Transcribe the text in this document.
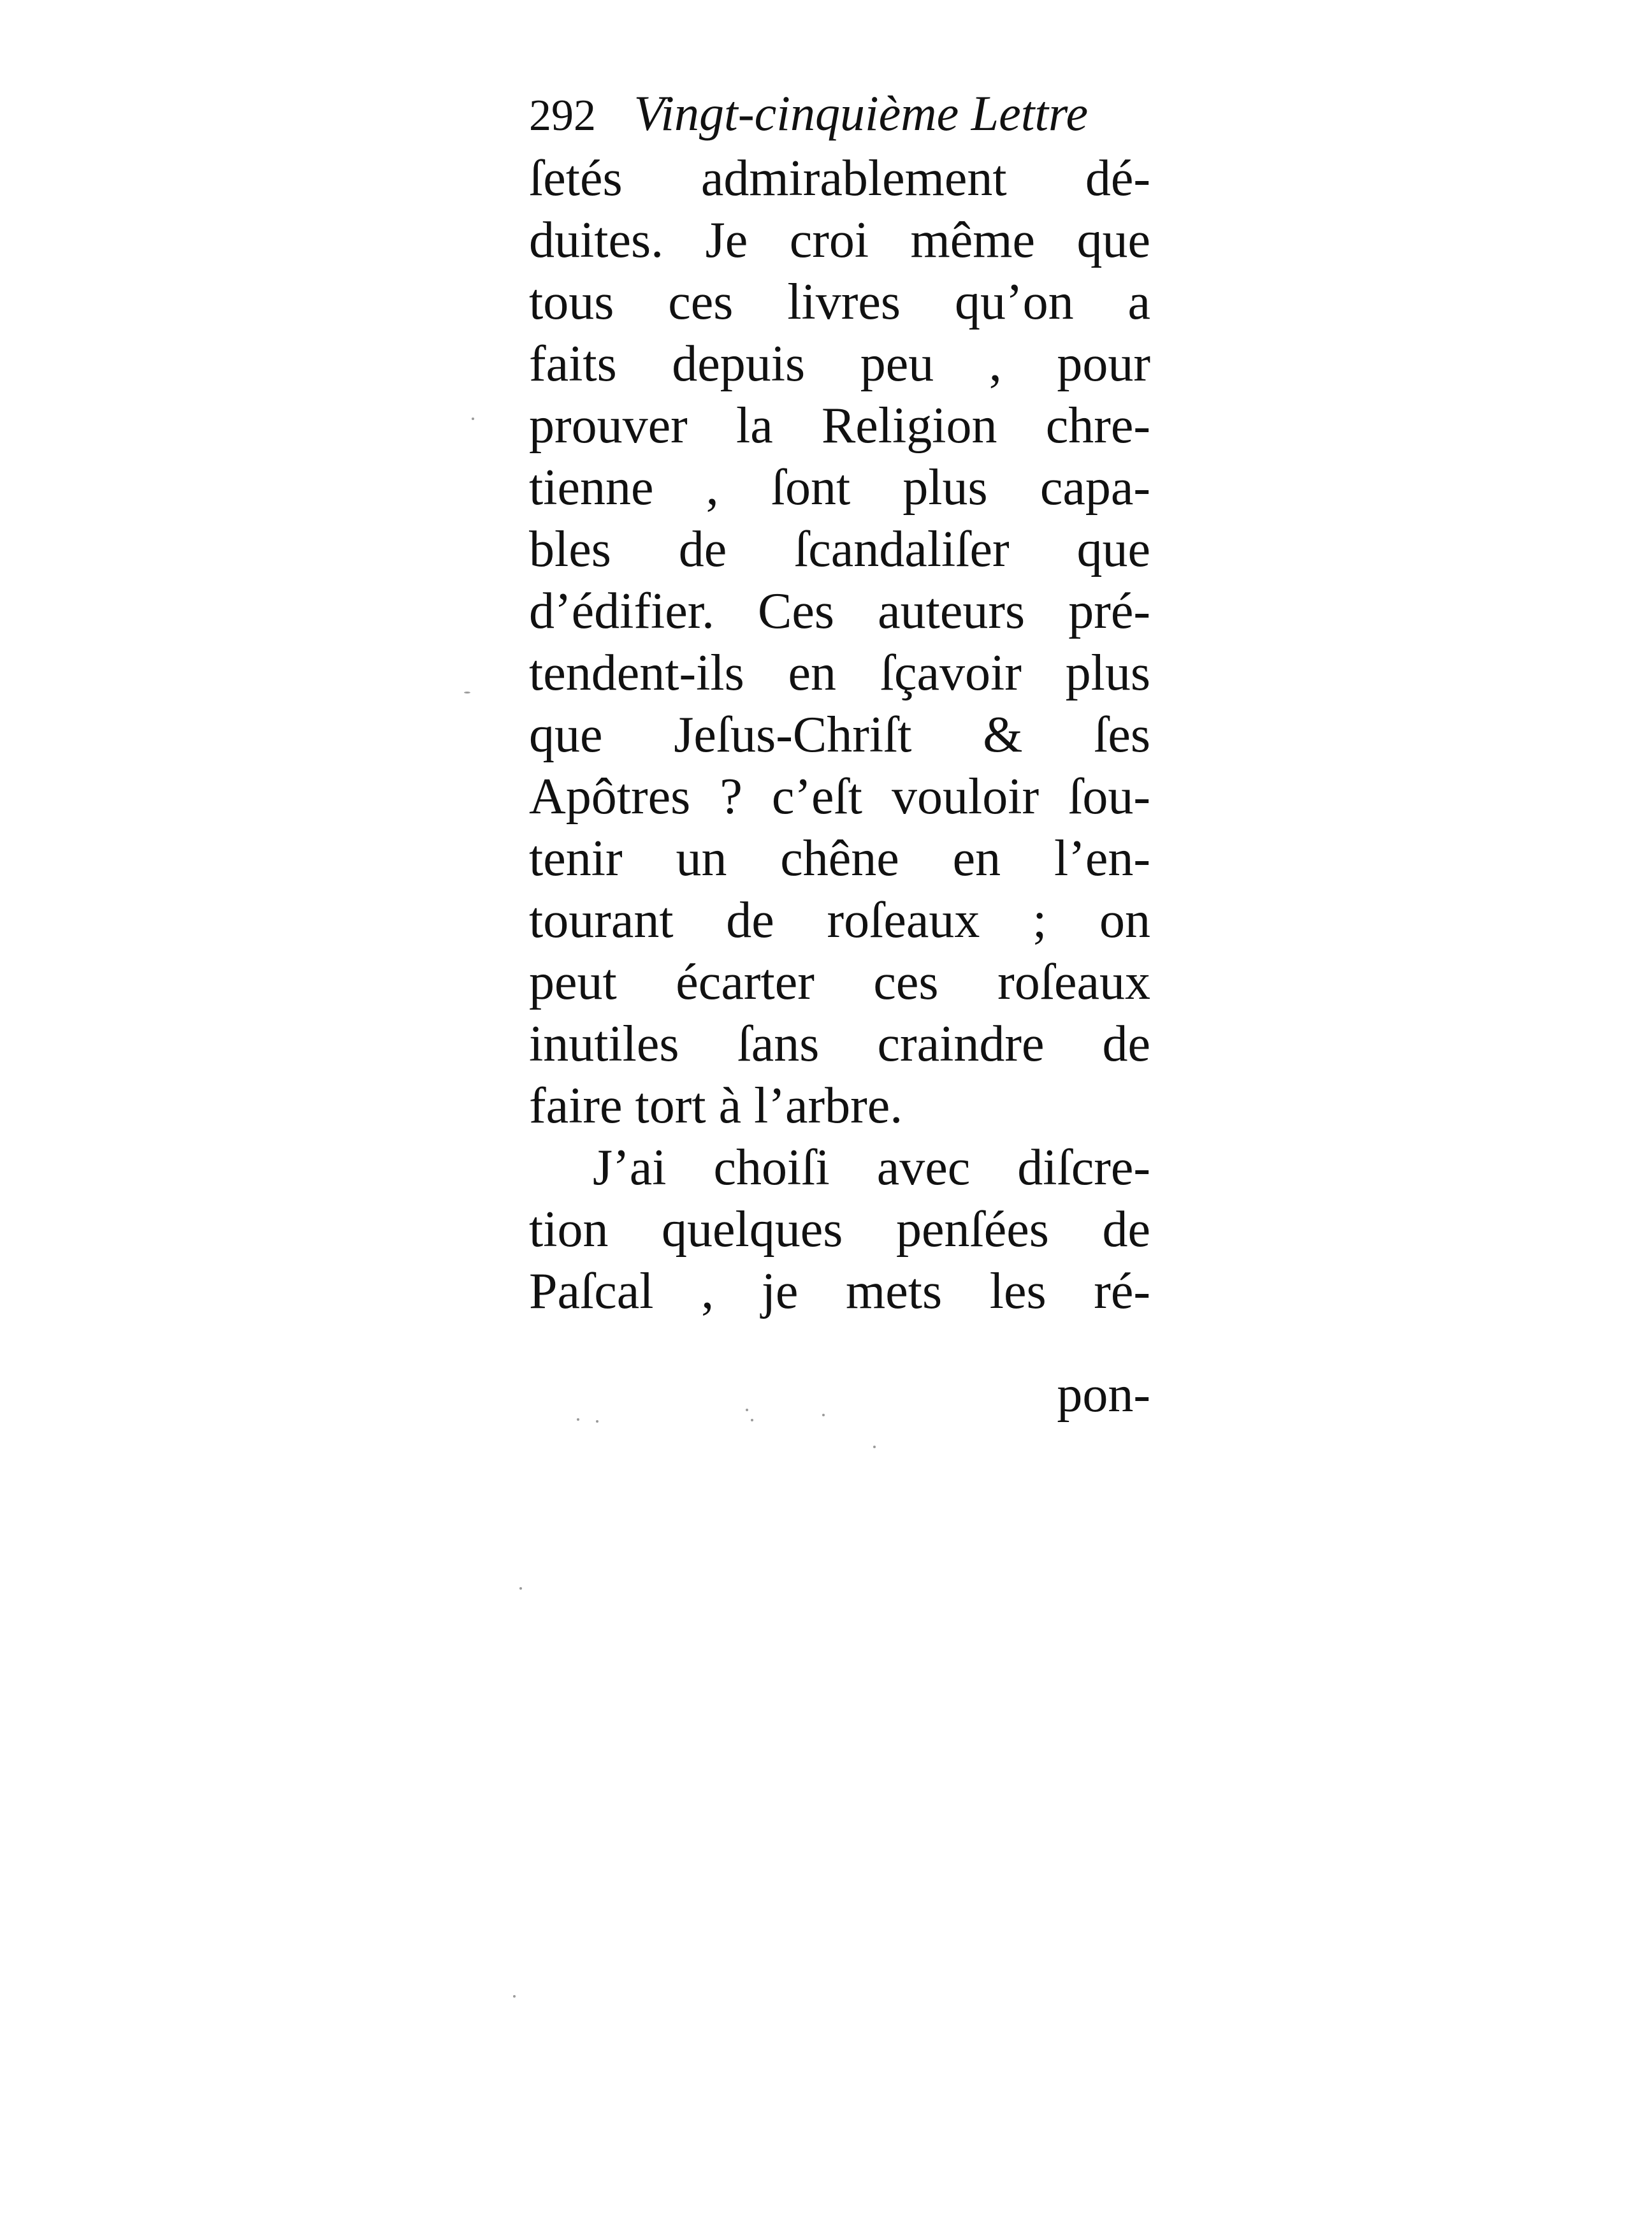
292 Vingt-cinquième Lettre
ſetés admirablement dé-
duites. Je croi même que
tous ces livres qu’on a
faits depuis peu , pour
prouver la Religion chre-
tienne , ſont plus capa-
bles de ſcandaliſer que
d’édifier. Ces auteurs pré-
tendent-ils en ſçavoir plus
que Jeſus-Chriſt & ſes
Apôtres ? c’eſt vouloir ſou-
tenir un chêne en l’en-
tourant de roſeaux ; on
peut écarter ces roſeaux
inutiles ſans craindre de
faire tort à l’arbre.
J’ai choiſi avec diſcre-
tion quelques penſées de
Paſcal , je mets les ré-
pon-
